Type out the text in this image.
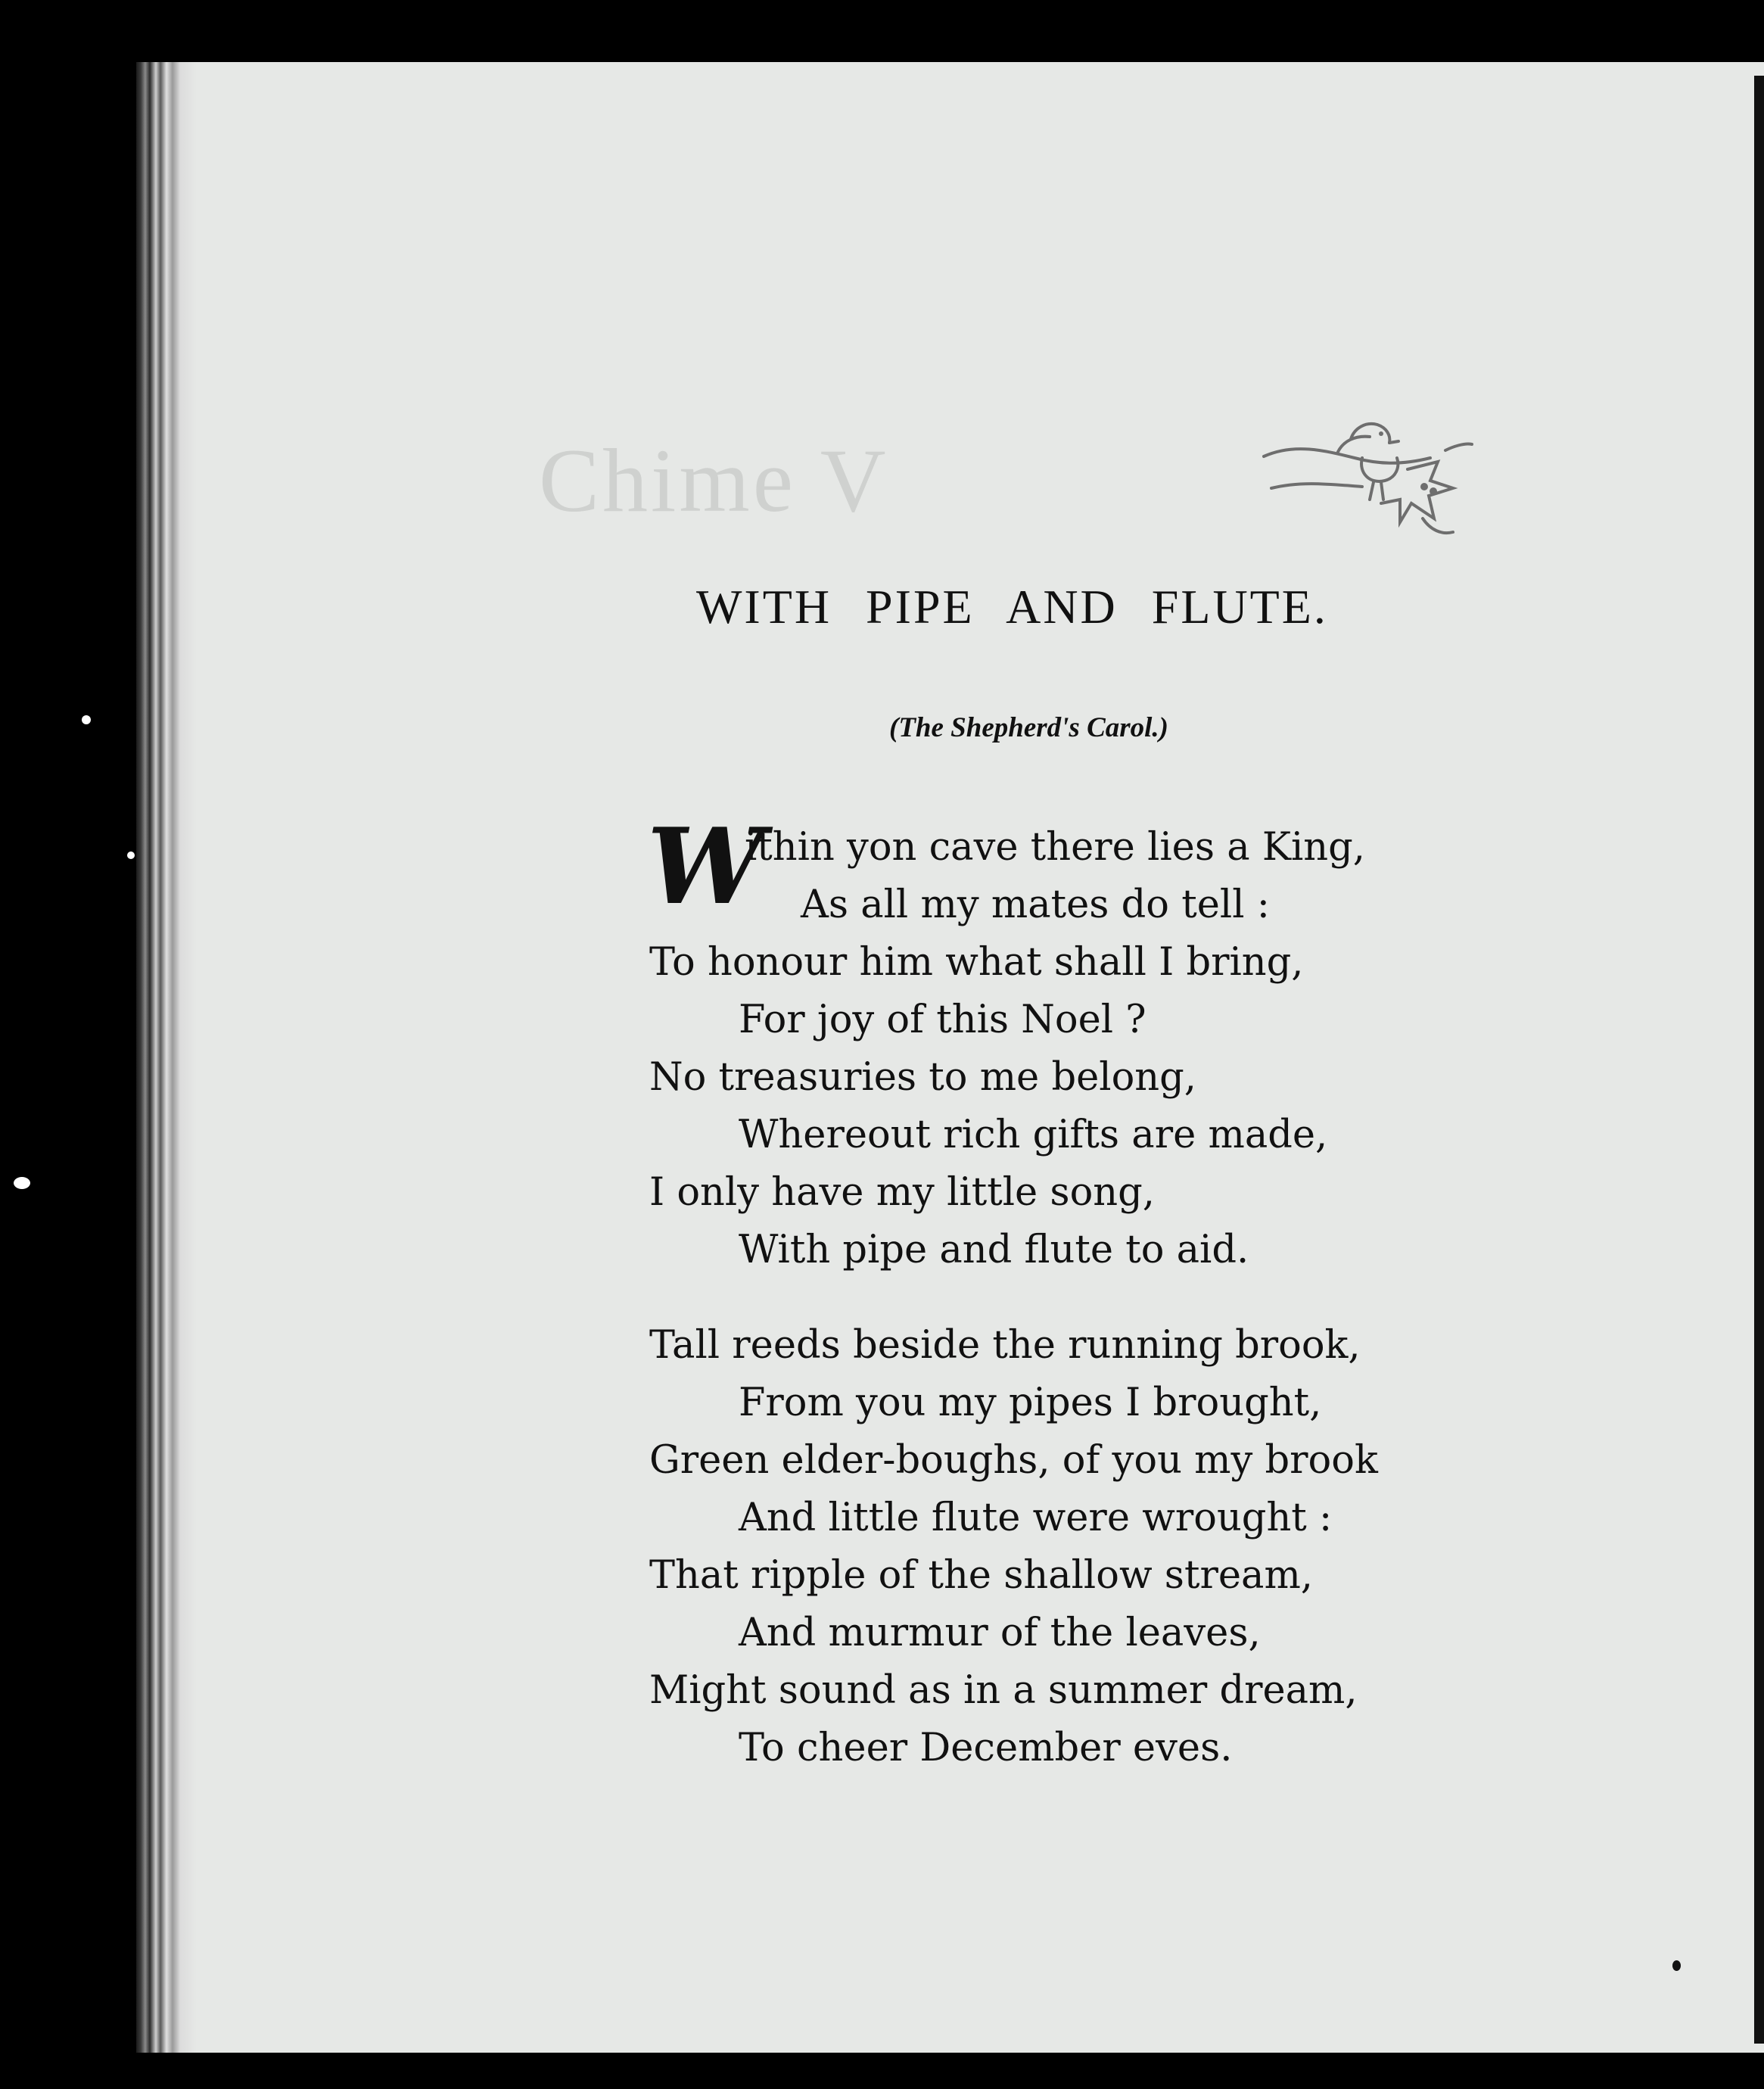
Chime V
WITH PIPE AND FLUTE.
(The Shepherd's Carol.)
W
ithin yon cave there lies a King,
As all my mates do tell :
To honour him what shall I bring,
For joy of this Noel ?
No treasuries to me belong,
Whereout rich gifts are made,
I only have my little song,
With pipe and flute to aid.
Tall reeds beside the running brook,
From you my pipes I brought,
Green elder-boughs, of you my brook
And little flute were wrought :
That ripple of the shallow stream,
And murmur of the leaves,
Might sound as in a summer dream,
To cheer December eves.
